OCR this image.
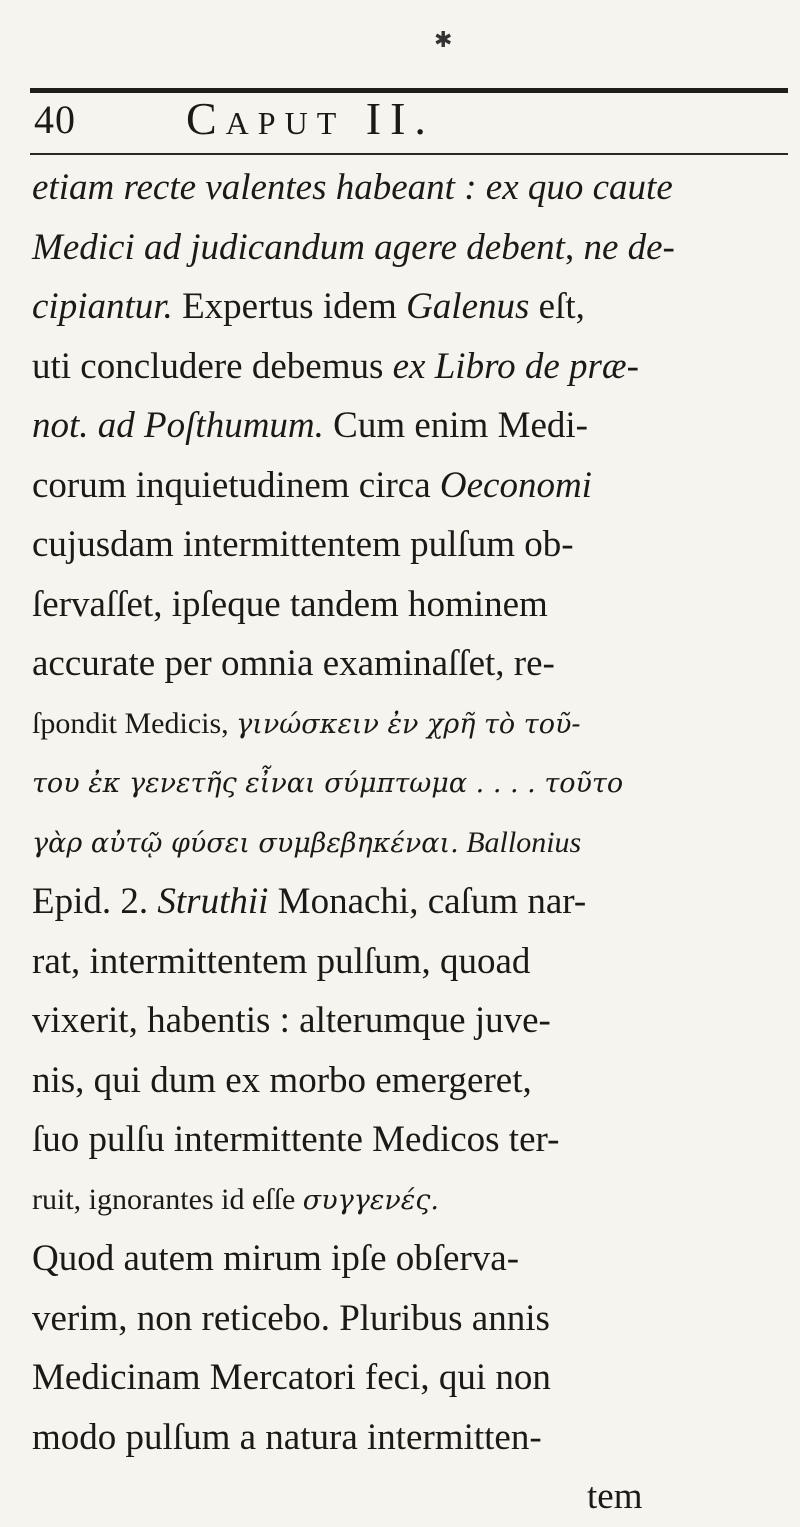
✱
40 Caput II.
etiam recte valentes habeant : ex quo caute
Medici ad judicandum agere debent, ne de-
cipiantur. Expertus idem Galenus eſt,
uti concludere debemus ex Libro de præ-
not. ad Poſthumum. Cum enim Medi-
corum inquietudinem circa Oeconomi
cujusdam intermittentem pulſum ob-
ſervaſſet, ipſeque tandem hominem
accurate per omnia examinaſſet, re-
ſpondit Medicis, γινώσκειν ἐν χρῆ τὸ τοῦ-
του ἐκ γενετῆς εἶναι σύμπτωμα . . . . τοῦτο
γὰρ αὐτῷ φύσει συμβεβηκέναι. Ballonius
Epid. 2. Struthii Monachi, caſum nar-
rat, intermittentem pulſum, quoad
vixerit, habentis : alterumque juve-
nis, qui dum ex morbo emergeret,
ſuo pulſu intermittente Medicos ter-
ruit, ignorantes id eſſe συγγενές.
Quod autem mirum ipſe obſerva-
verim, non reticebo. Pluribus annis
Medicinam Mercatori feci, qui non
modo pulſum a natura intermitten-
tem
